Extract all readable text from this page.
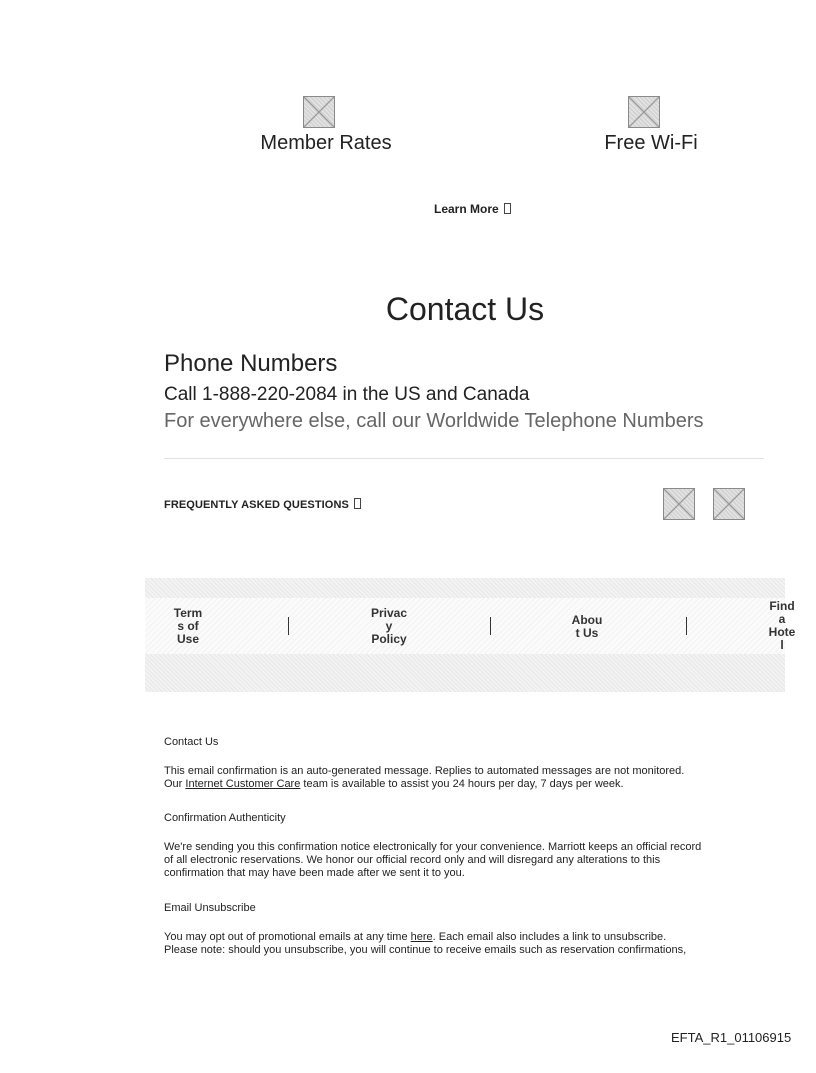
Member Rates	Free Wi-Fi
Learn More
Contact Us
Phone Numbers
Call 1-888-220-2084 in the US and Canada
For everywhere else, call our Worldwide Telephone Numbers
FREQUENTLY ASKED QUESTIONS
Term
s of
Use
Privac
y
Policy
Abou
t Us
Find
a
Hote
l
Contact Us
This email confirmation is an auto-generated message. Replies to automated messages are not monitored.
Our Internet Customer Care team is available to assist you 24 hours per day, 7 days per week.
Confirmation Authenticity
We're sending you this confirmation notice electronically for your convenience. Marriott keeps an official record
of all electronic reservations. We honor our official record only and will disregard any alterations to this
confirmation that may have been made after we sent it to you.
Email Unsubscribe
You may opt out of promotional emails at any time here. Each email also includes a link to unsubscribe.
Please note: should you unsubscribe, you will continue to receive emails such as reservation confirmations,
EFTA_R1_01106915
